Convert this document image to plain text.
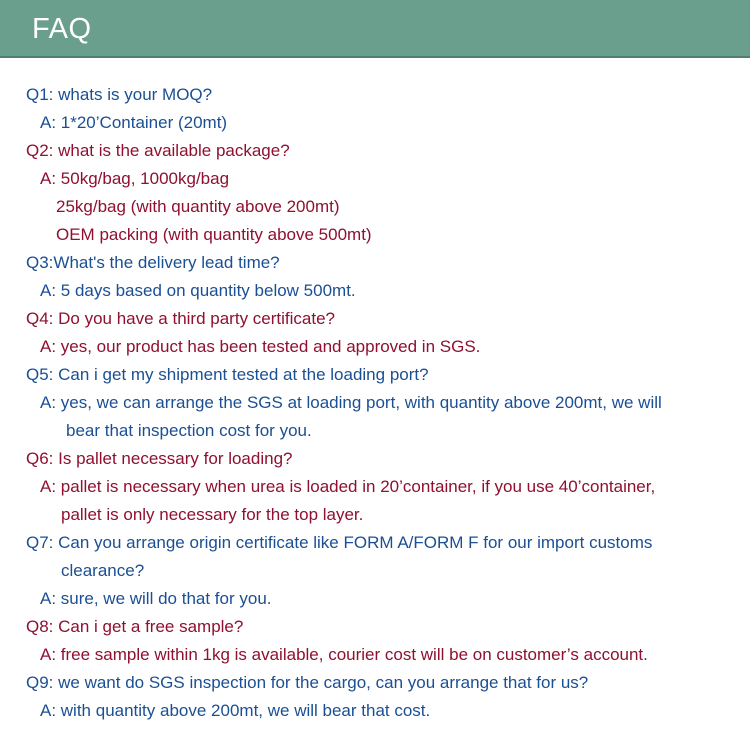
FAQ
Q1: whats is your MOQ?
A: 1*20’Container (20mt)
Q2: what is the available package?
A: 50kg/bag, 1000kg/bag
25kg/bag (with quantity above 200mt)
OEM packing (with quantity above 500mt)
Q3:What's the delivery lead time?
A: 5 days based on quantity below 500mt.
Q4: Do you have a third party certificate?
A: yes, our product has been tested and approved in SGS.
Q5: Can i get my shipment tested at the loading port?
A: yes, we can arrange the SGS at loading port, with quantity above 200mt, we will
bear that inspection cost for you.
Q6: Is pallet necessary for loading?
A: pallet is necessary when urea is loaded in 20’container, if you use 40’container,
pallet is only necessary for the top layer.
Q7: Can you arrange origin certificate like FORM A/FORM F for our import customs
clearance?
A: sure, we will do that for you.
Q8: Can i get a free sample?
A: free sample within 1kg is available, courier cost will be on customer’s account.
Q9: we want do SGS inspection for the cargo, can you arrange that for us?
A: with quantity above 200mt, we will bear that cost.
